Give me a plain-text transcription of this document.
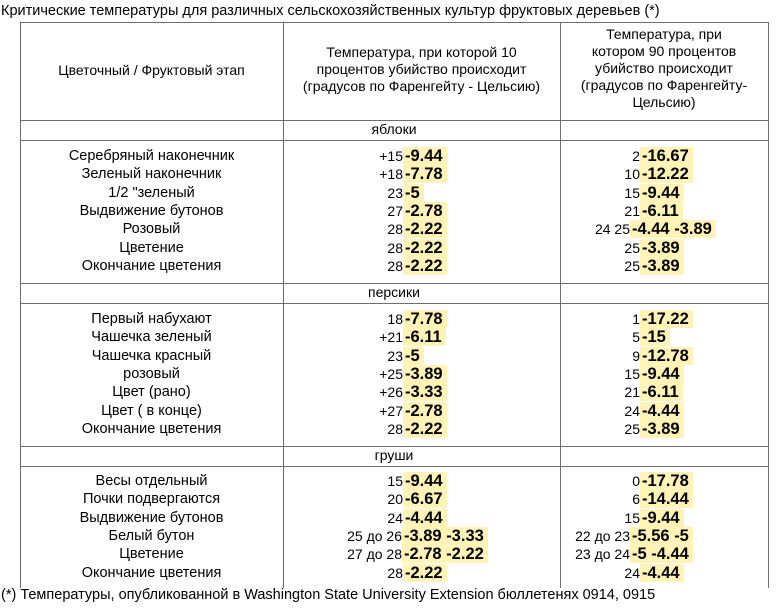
Критические температуры для различных сельскохозяйственных культур фруктовых деревьев (*)
Цветочный / Фруктовый этап
Температура, при которой 10
процентов убийство происходит
(градусов по Фаренгейту - Цельсию)
Температура, при
котором 90 процентов
убийство происходит
(градусов по Фаренгейту-
Цельсию)
яблоки
Серебряный наконечник	+15 -9.44	2 -16.67
Зеленый наконечник	+18 -7.78	10 -12.22
1/2 "зеленый	23 -5	15 -9.44
Выдвижение бутонов	27 -2.78	21 -6.11
Розовый	28 -2.22	24 25 -4.44 -3.89
Цветение	28 -2.22	25 -3.89
Окончание цветения	28 -2.22	25 -3.89
персики
Первый набухают	18 -7.78	1 -17.22
Чашечка зеленый	+21 -6.11	5 -15
Чашечка красный	23 -5	9 -12.78
розовый	+25 -3.89	15 -9.44
Цвет (рано)	+26 -3.33	21 -6.11
Цвет ( в конце)	+27 -2.78	24 -4.44
Окончание цветения	28 -2.22	25 -3.89
груши
Весы отдельный	15 -9.44	0 -17.78
Почки подвергаются	20 -6.67	6 -14.44
Выдвижение бутонов	24 -4.44	15 -9.44
Белый бутон	25 до 26 -3.89 -3.33	22 до 23 -5.56 -5
Цветение	27 до 28 -2.78 -2.22	23 до 24 -5 -4.44
Окончание цветения	28 -2.22	24 -4.44
(*) Температуры, опубликованной в Washington State University Extension бюллетенях 0914, 0915
